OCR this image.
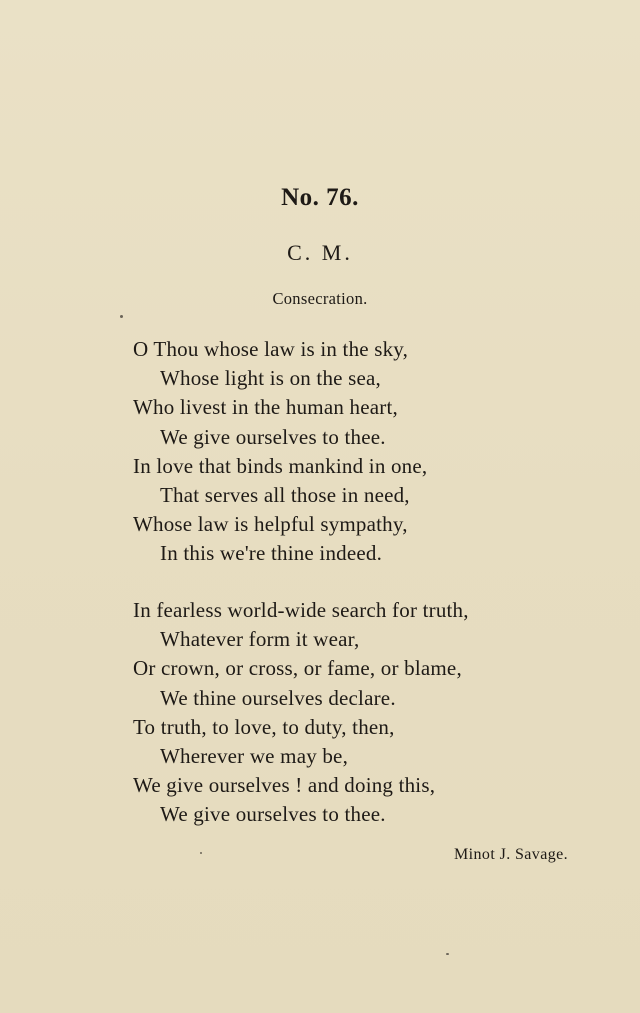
No. 76.
C. M.
Consecration.
O Thou whose law is in the sky,
Whose light is on the sea,
Who livest in the human heart,
We give ourselves to thee.
In love that binds mankind in one,
That serves all those in need,
Whose law is helpful sympathy,
In this we're thine indeed.
In fearless world-wide search for truth,
Whatever form it wear,
Or crown, or cross, or fame, or blame,
We thine ourselves declare.
To truth, to love, to duty, then,
Wherever we may be,
We give ourselves ! and doing this,
We give ourselves to thee.
Minot J. Savage.
